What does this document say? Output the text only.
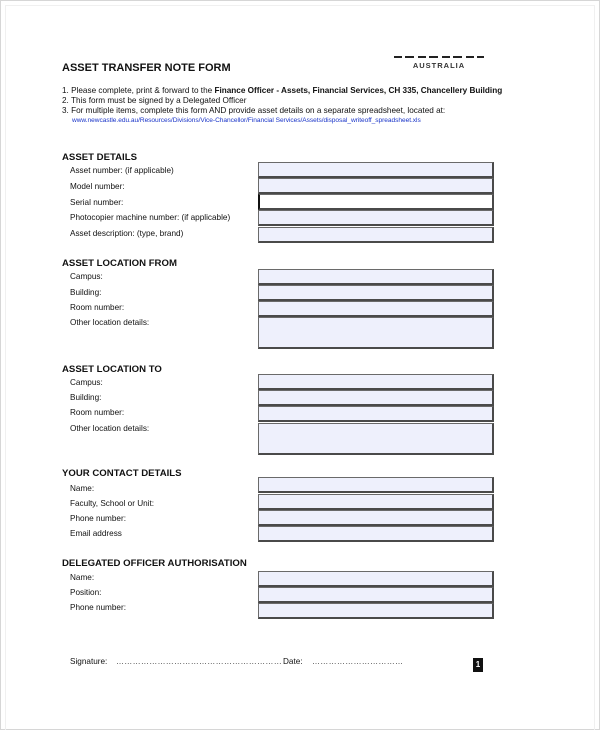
AUSTRALIA
ASSET TRANSFER NOTE FORM
1. Please complete, print & forward to the Finance Officer - Assets, Financial Services, CH 335, Chancellery Building
2. This form must be signed by a Delegated Officer
3. For multiple items, complete this form AND provide asset details on a separate spreadsheet, located at:
www.newcastle.edu.au/Resources/Divisions/Vice-Chancellor/Financial Services/Assets/disposal_writeoff_spreadsheet.xls
ASSET DETAILS
Asset number: (if applicable)
Model number:
Serial number:
Photocopier machine number: (if applicable)
Asset description: (type, brand)
ASSET LOCATION FROM
Campus:
Building:
Room number:
Other location details:
ASSET LOCATION TO
Campus:
Building:
Room number:
Other location details:
YOUR CONTACT DETAILS
Name:
Faculty, School or Unit:
Phone number:
Email address
DELEGATED OFFICER AUTHORISATION
Name:
Position:
Phone number:
Signature: …………………………………………………… Date: ……………………………	1
